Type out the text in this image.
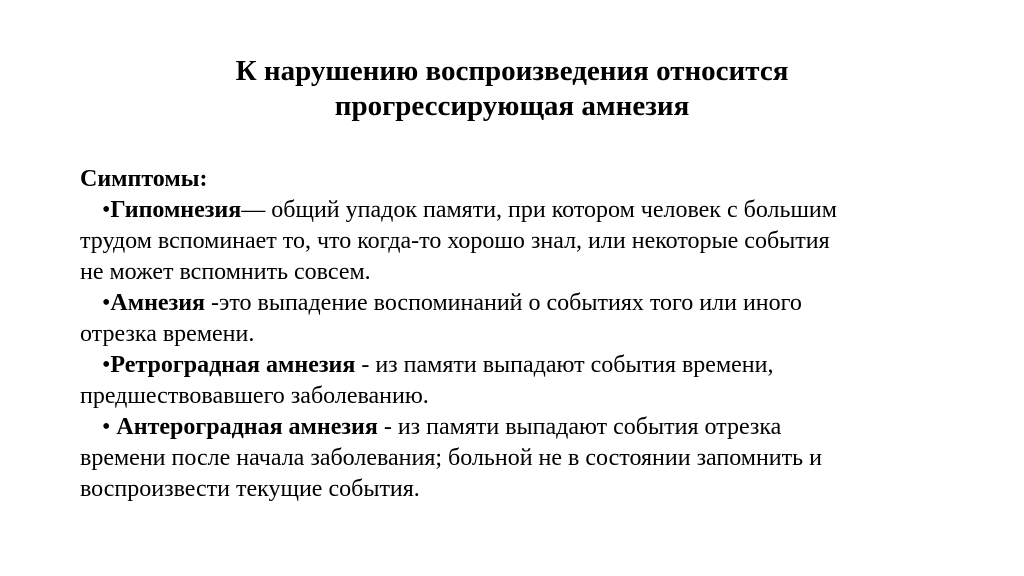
К нарушению воспроизведения относится
прогрессирующая амнезия
Симптомы:
•Гипомнезия— общий упадок памяти, при котором человек с большим
трудом вспоминает то, что когда-то хорошо знал, или некоторые события
не может вспомнить совсем.
•Амнезия -это выпадение воспоминаний о событиях того или иного
отрезка времени.
•Ретроградная амнезия - из памяти выпадают события времени,
предшествовавшего заболеванию.
• Антероградная амнезия - из памяти выпадают события отрезка
времени после начала заболевания; больной не в состоянии запомнить и
воспроизвести текущие события.
